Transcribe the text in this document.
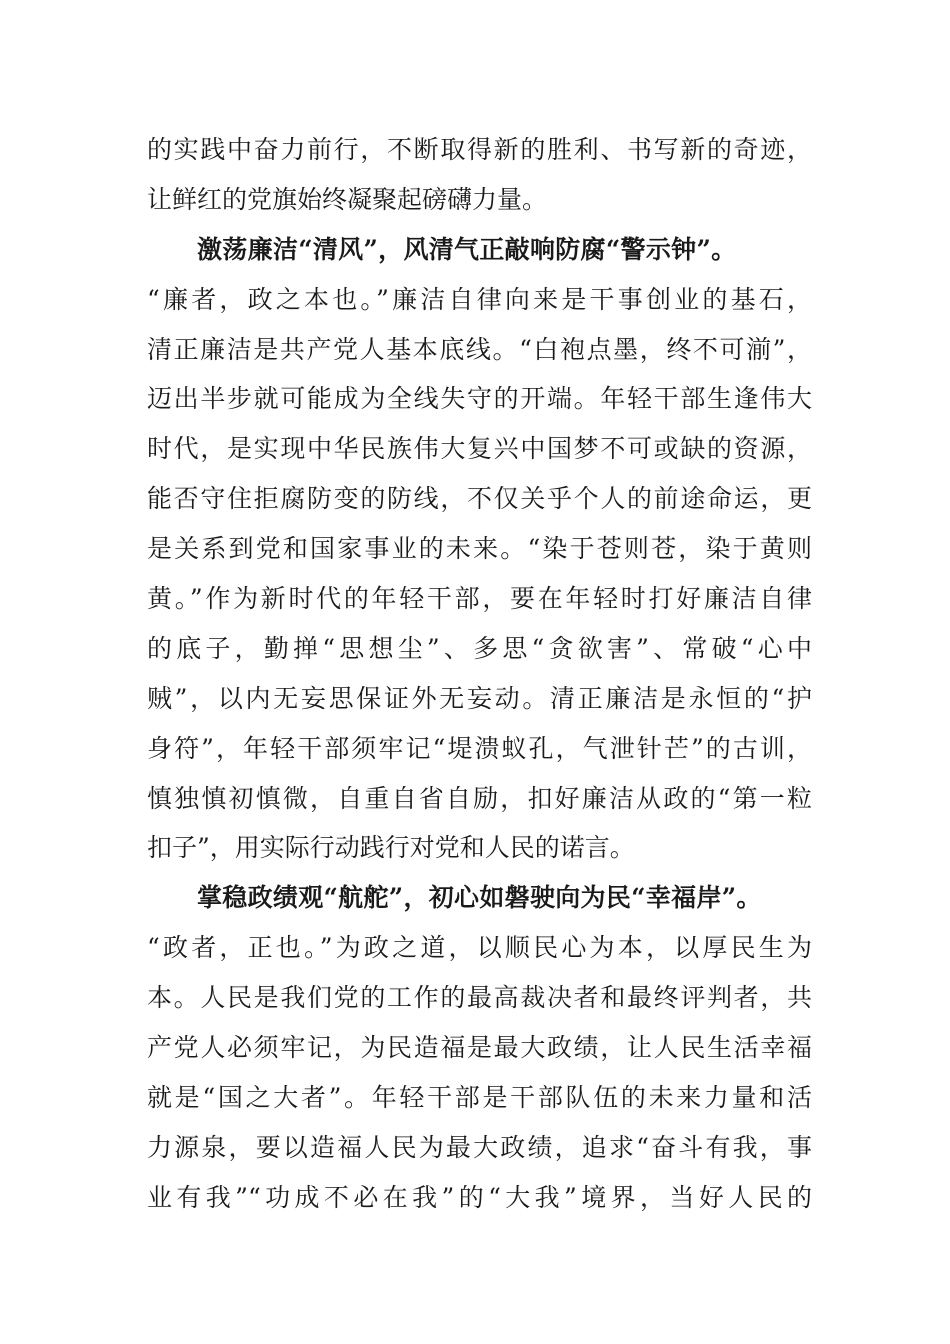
的实践中奋力前行，不断取得新的胜利、书写新的奇迹，
让鲜红的党旗始终凝聚起磅礴力量。
激荡廉洁“清风”，风清气正敲响防腐“警示钟”。
“廉者，政之本也。”廉洁自律向来是干事创业的基石，
清正廉洁是共产党人基本底线。“白袍点墨，终不可湔”，
迈出半步就可能成为全线失守的开端。年轻干部生逢伟大
时代，是实现中华民族伟大复兴中国梦不可或缺的资源，
能否守住拒腐防变的防线，不仅关乎个人的前途命运，更
是关系到党和国家事业的未来。“染于苍则苍，染于黄则
黄。”作为新时代的年轻干部，要在年轻时打好廉洁自律
的底子，勤掸“思想尘”、多思“贪欲害”、常破“心中
贼”，以内无妄思保证外无妄动。清正廉洁是永恒的“护
身符”，年轻干部须牢记“堤溃蚁孔，气泄针芒”的古训，
慎独慎初慎微，自重自省自励，扣好廉洁从政的“第一粒
扣子”，用实际行动践行对党和人民的诺言。
掌稳政绩观“航舵”，初心如磐驶向为民“幸福岸”。
“政者，正也。”为政之道，以顺民心为本，以厚民生为
本。人民是我们党的工作的最高裁决者和最终评判者，共
产党人必须牢记，为民造福是最大政绩，让人民生活幸福
就是“国之大者”。年轻干部是干部队伍的未来力量和活
力源泉，要以造福人民为最大政绩，追求“奋斗有我，事
业有我”“功成不必在我”的“大我”境界，当好人民的
